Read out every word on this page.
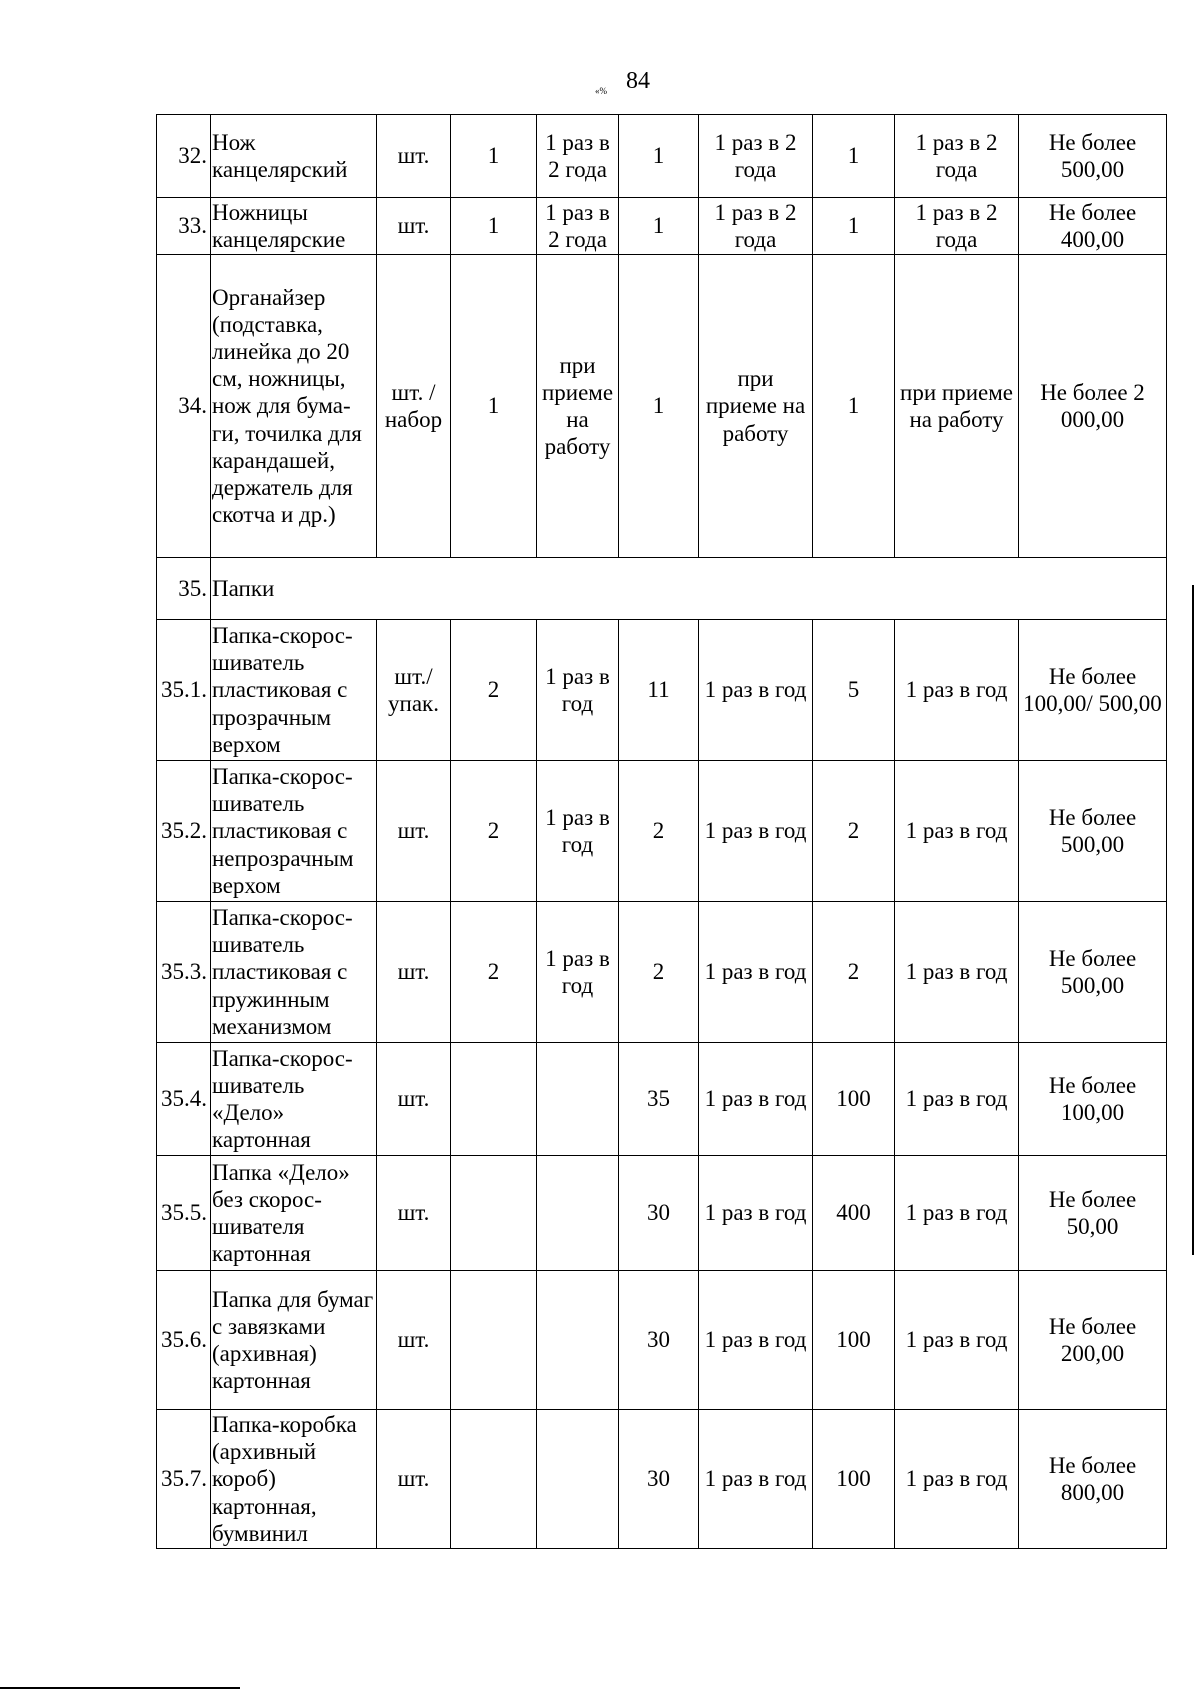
84
«%
32.	Нож канцелярский	шт.	1	1 раз в 2 года	1	1 раз в 2 года	1	1 раз в 2 года	Не более 500,00
33.	Ножницы канцелярские	шт.	1	1 раз в 2 года	1	1 раз в 2 года	1	1 раз в 2 года	Не более 400,00
34.	Органайзер (подставка, линейка до 20 см, ножницы, нож для бума-ги, точилка для карандашей, держатель для скотча и др.)	шт. / набор	1	при приеме на работу	1	при приеме на работу	1	при приеме на работу	Не более 2 000,00
35.	Папки								
35.1.	Папка-скорос-шиватель пластиковая с прозрачным верхом	шт./ упак.	2	1 раз в год	11	1 раз в год	5	1 раз в год	Не более 100,00/ 500,00
35.2.	Папка-скорос-шиватель пластиковая с непрозрачным верхом	шт.	2	1 раз в год	2	1 раз в год	2	1 раз в год	Не более 500,00
35.3.	Папка-скорос-шиватель пластиковая с пружинным механизмом	шт.	2	1 раз в год	2	1 раз в год	2	1 раз в год	Не более 500,00
35.4.	Папка-скорос-шиватель «Дело» картонная	шт.			35	1 раз в год	100	1 раз в год	Не более 100,00
35.5.	Папка «Дело» без скорос-шивателя картонная	шт.			30	1 раз в год	400	1 раз в год	Не более 50,00
35.6.	Папка для бумаг с завязками (архивная) картонная	шт.			30	1 раз в год	100	1 раз в год	Не более 200,00
35.7.	Папка-коробка (архивный короб) картонная, бумвинил	шт.			30	1 раз в год	100	1 раз в год	Не более 800,00
